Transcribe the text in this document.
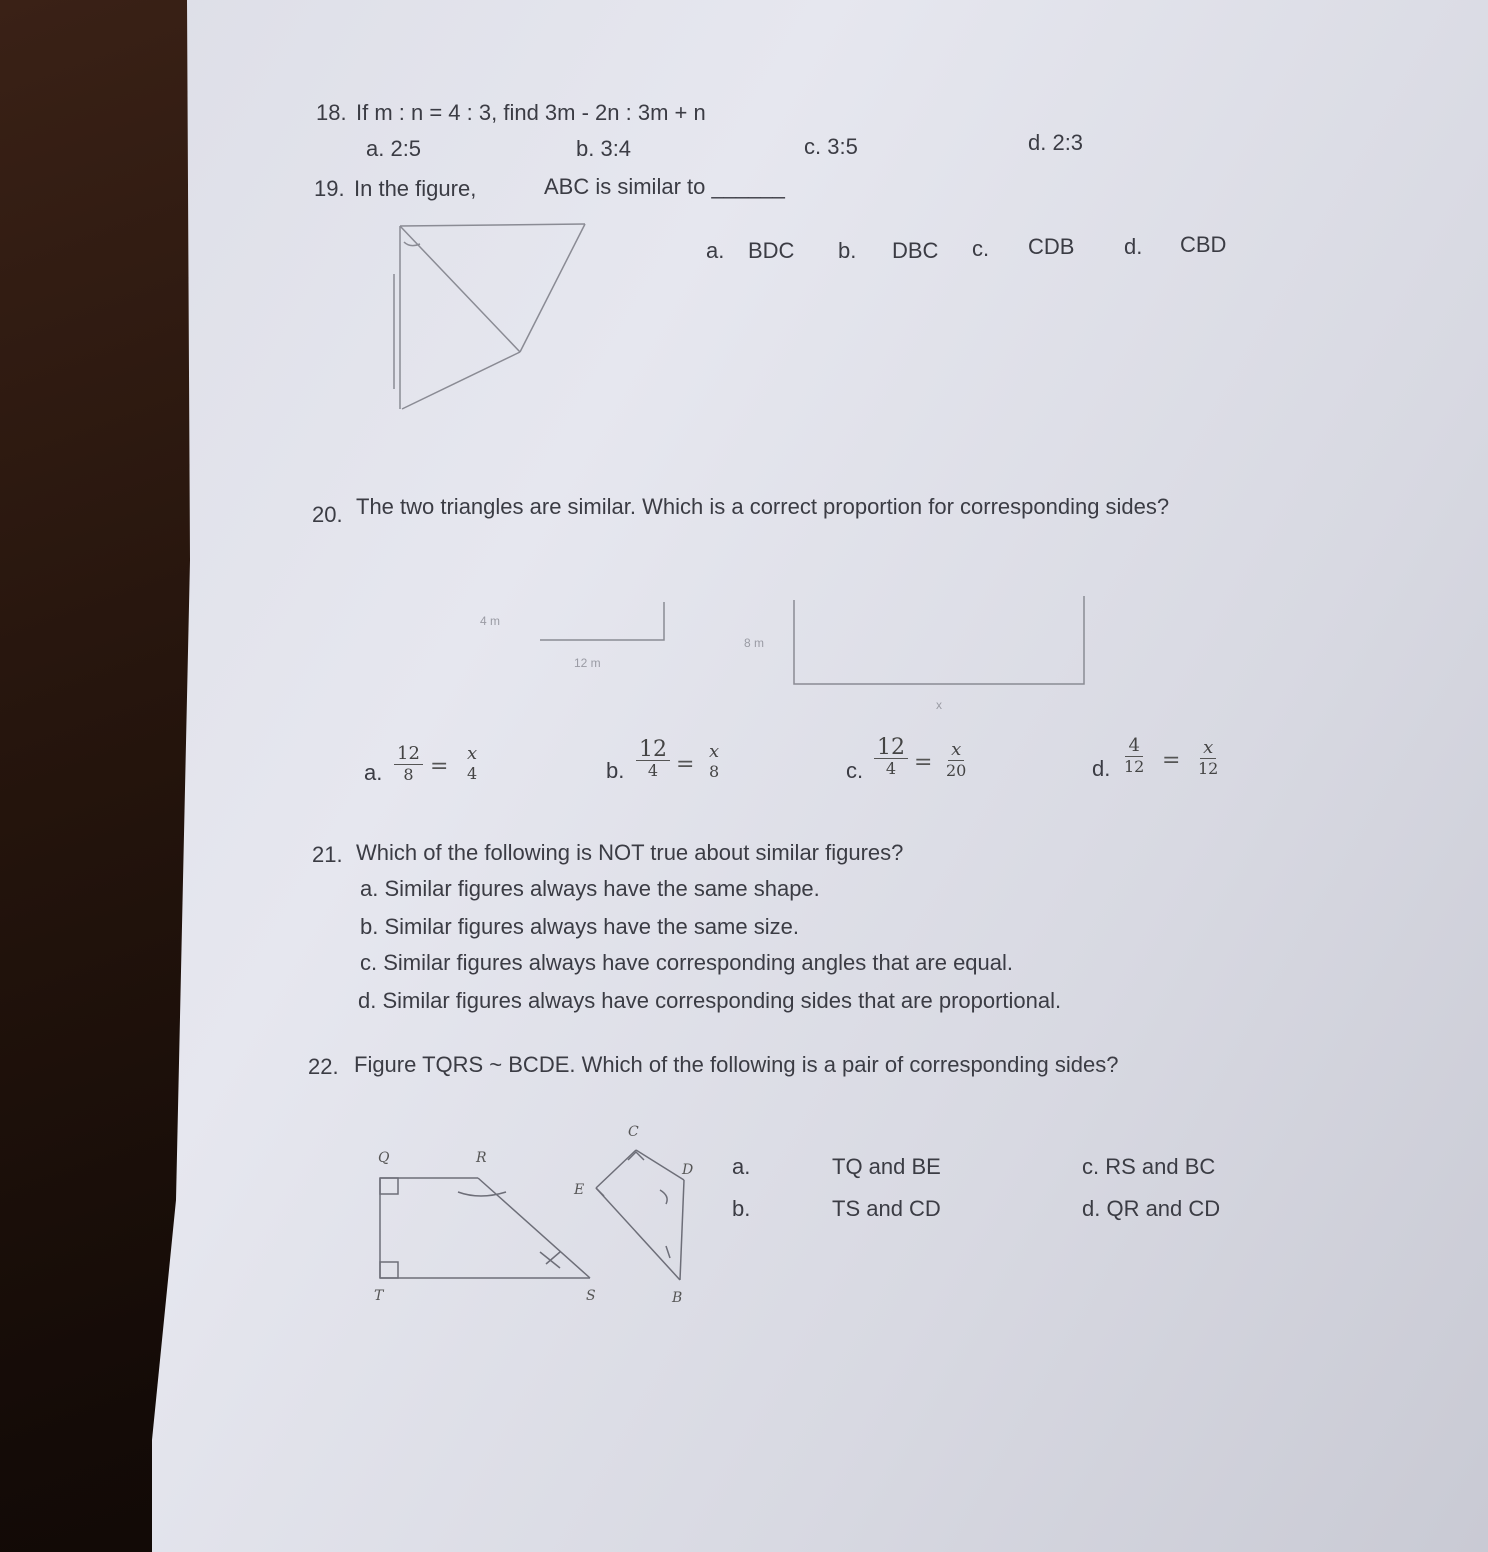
18. If m : n = 4 : 3, find 3m - 2n : 3m + n
a. 2:5	b. 3:4	c. 3:5	d. 2:3
19. In the figure,	ABC is similar to ______
a. BDC b. DBC c. CDB d. CBD
20. The two triangles are similar. Which is a correct proportion for corresponding sides?
4 m
12 m
8 m
x
a. $\frac{12}{8}$ =
x
4	b.
12
4 =
x
8	c.
12
$4 = \frac{x}{20}$	d. $\frac{4}{12} = \frac{x}{12}$
21. Which of the following is NOT true about similar figures?
a. Similar figures always have the same shape.
b. Similar figures always have the same size.
c. Similar figures always have corresponding angles that are equal.
d. Similar figures always have corresponding sides that are proportional.
22. Figure TQRS ~ BCDE. Which of the following is a pair of corresponding sides?
Q	R
T	S
C
D
E
B
a.	TQ and BE	c. RS and BC
b.	TS and CD	d. QR and CD
